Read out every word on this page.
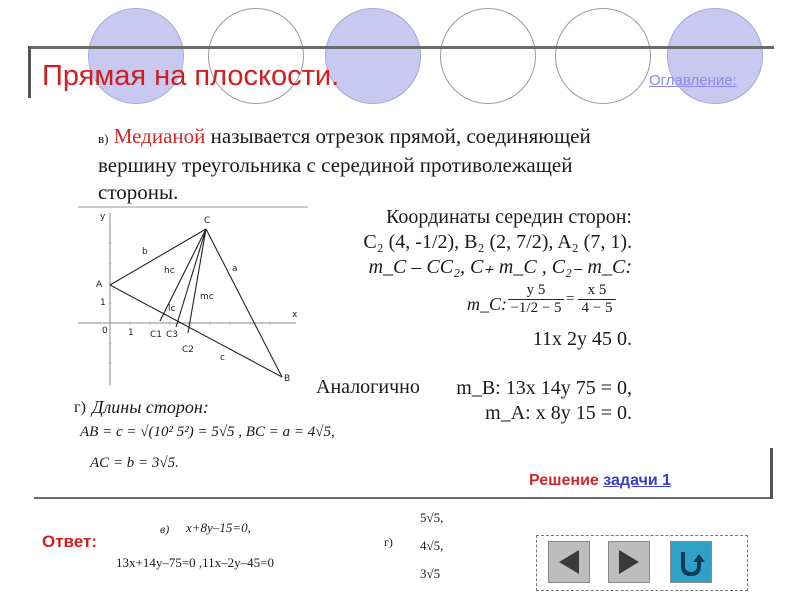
Прямая на плоскости.	Оглавление:
в) Медианой называется отрезок прямой, соединяющей вершину треугольника с серединой противолежащей стороны.
A
B
C
C1
C2
C3
b
a
c
hc
lc
mc
y
x
0 1
1
Координаты середин сторон:
C₂ (4, -1/2), B₂ (2, 7/2), A₂ (7, 1).
m_C – CC₂, C₊ m_C , C₂₋ m_C:
m_C:
y 5
−1/2 − 5
=
x 5
4 − 5
11x 2y 45 0.
Аналогично	m_B: 13x 14y 75 = 0,
m_A: x 8y 15 = 0.
г) Длины сторон:
AB = c = √(10² 5²) = 5√5 , BC = a = 4√5,
AC = b = 3√5.
Решение задачи 1
Ответ:
в) x+8y–15=0,
13x+14y–75=0 ,11x–2y–45=0
г)
5√5,
4√5,
3√5
